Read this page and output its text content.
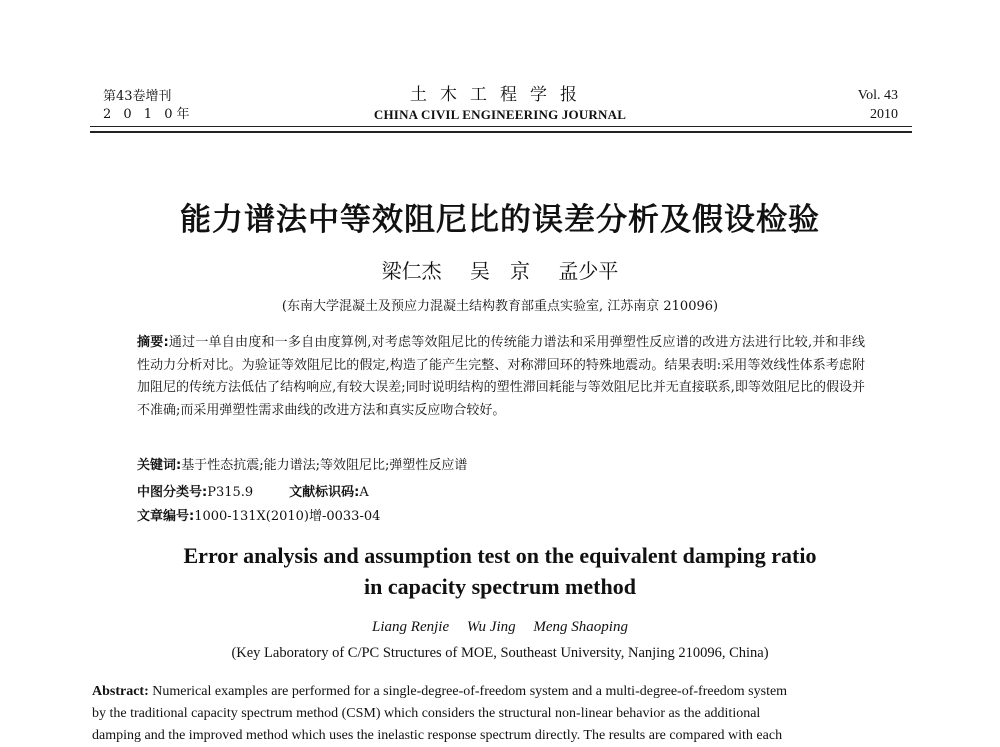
第43卷增刊
2 0 1 0年
土木工程学报
CHINA CIVIL ENGINEERING JOURNAL
Vol. 43
2010
能力谱法中等效阻尼比的误差分析及假设检验
梁仁杰 吴　京 孟少平
(东南大学混凝土及预应力混凝土结构教育部重点实验室, 江苏南京 210096)
摘要:通过一单自由度和一多自由度算例,对考虑等效阻尼比的传统能力谱法和采用弹塑性反应谱的改进方法进行比较,并和非线性动力分析对比。为验证等效阻尼比的假定,构造了能产生完整、对称滞回环的特殊地震动。结果表明:采用等效线性体系考虑附加阻尼的传统方法低估了结构响应,有较大误差;同时说明结构的塑性滞回耗能与等效阻尼比并无直接联系,即等效阻尼比的假设并不准确;而采用弹塑性需求曲线的改进方法和真实反应吻合较好。
关键词:基于性态抗震;能力谱法;等效阻尼比;弹塑性反应谱
中图分类号:P315.9	文献标识码:A
文章编号:1000-131X(2010)增-0033-04
Error analysis and assumption test on the equivalent damping ratio
in capacity spectrum method
Liang Renjie Wu Jing Meng Shaoping
(Key Laboratory of C/PC Structures of MOE, Southeast University, Nanjing 210096, China)
Abstract: Numerical examples are performed for a single-degree-of-freedom system and a multi-degree-of-freedom system
by the traditional capacity spectrum method (CSM) which considers the structural non-linear behavior as the additional
damping and the improved method which uses the inelastic response spectrum directly. The results are compared with each
